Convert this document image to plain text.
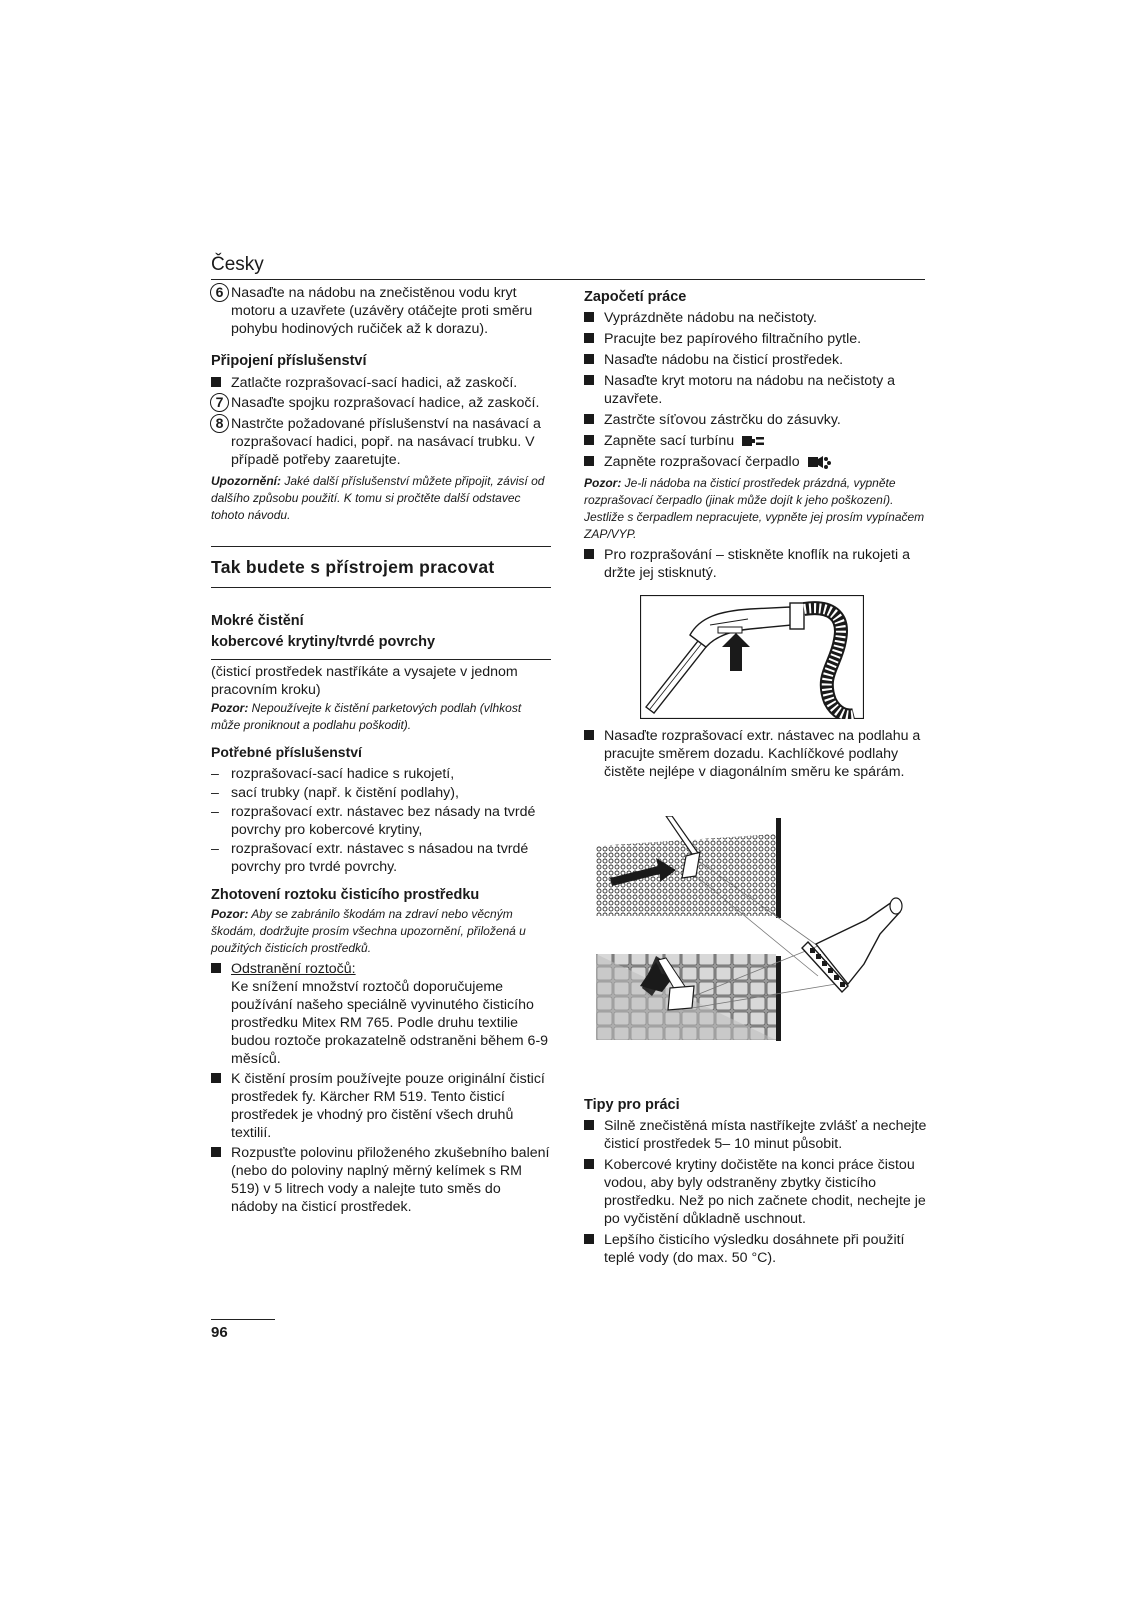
Česky
6 Nasaďte na nádobu na znečistěnou vodu kryt motoru a uzavřete (uzávěry otáčejte proti směru pohybu hodinových ručiček až k dorazu).

Připojení příslušenství

Zatlačte rozprašovací-sací hadici, až zaskočí.
7 Nasaďte spojku rozprašovací hadice, až zaskočí.
8 Nastrčte požadované příslušenství na nasávací a rozprašovací hadici, popř. na nasávací trubku. V případě potřeby zaaretujte.

Upozornění: Jaké další příslušenství můžete připojit, závisí od dalšího způsobu použití. K tomu si pročtěte další odstavec tohoto návodu.

Tak budete s přístrojem pracovat

Mokré čistění

kobercové krytiny/tvrdé povrchy

(čisticí prostředek nastříkáte a vysajete v jednom pracovním kroku)

Pozor: Nepoužívejte k čistění parketových podlah (vlhkost může proniknout a podlahu poškodit).

Potřebné příslušenství

– rozprašovací-sací hadice s rukojetí,
– sací trubky (např. k čistění podlahy),
– rozprašovací extr. nástavec bez násady na tvrdé povrchy pro kobercové krytiny,
– rozprašovací extr. nástavec s násadou na tvrdé povrchy pro tvrdé povrchy.

Zhotovení roztoku čisticího prostředku

Pozor: Aby se zabránilo škodám na zdraví nebo věcným škodám, dodržujte prosím všechna upozornění, přiložená u použitých čisticích prostředků.

Odstranění roztočů:
Ke snížení množství roztočů doporučujeme používání našeho speciálně vyvinutého čisticího prostředku Mitex RM 765. Podle druhu textilie budou roztoče prokazatelně odstraněni během 6-9 měsíců.
K čistění prosím používejte pouze originální čisticí prostředek fy. Kärcher RM 519. Tento čisticí prostředek je vhodný pro čistění všech druhů textilií.
Rozpusťte polovinu přiloženého zkušebního balení (nebo do poloviny naplný měrný kelímek s RM 519) v 5 litrech vody a nalejte tuto směs do nádoby na čisticí prostředek.

Započetí práce

Vyprázdněte nádobu na nečistoty.
Pracujte bez papírového filtračního pytle.
Nasaďte nádobu na čisticí prostředek.
Nasaďte kryt motoru na nádobu na nečistoty a uzavřete.
Zastrčte síťovou zástrčku do zásuvky.
Zapněte sací turbínu
Zapněte rozprašovací čerpadlo

Pozor: Je-li nádoba na čisticí prostředek prázdná, vypněte rozprašovací čerpadlo (jinak může dojít k jeho poškození). Jestliže s čerpadlem nepracujete, vypněte jej prosím vypínačem ZAP/VYP.

Pro rozprašování – stiskněte knoflík na rukojeti a držte jej stisknutý.
Nasaďte rozprašovací extr. nástavec na podlahu a pracujte směrem dozadu. Kachlíčkové podlahy čistěte nejlépe v diagonálním směru ke spárám.

Tipy pro práci

Silně znečistěná místa nastříkejte zvlášť a nechejte čisticí prostředek 5– 10 minut působit.
Kobercové krytiny dočistěte na konci práce čistou vodou, aby byly odstraněny zbytky čisticího prostředku. Než po nich začnete chodit, nechejte je po vyčistění důkladně uschnout.
Lepšího čisticího výsledku dosáhnete při použití teplé vody (do max. 50 °C).
96
